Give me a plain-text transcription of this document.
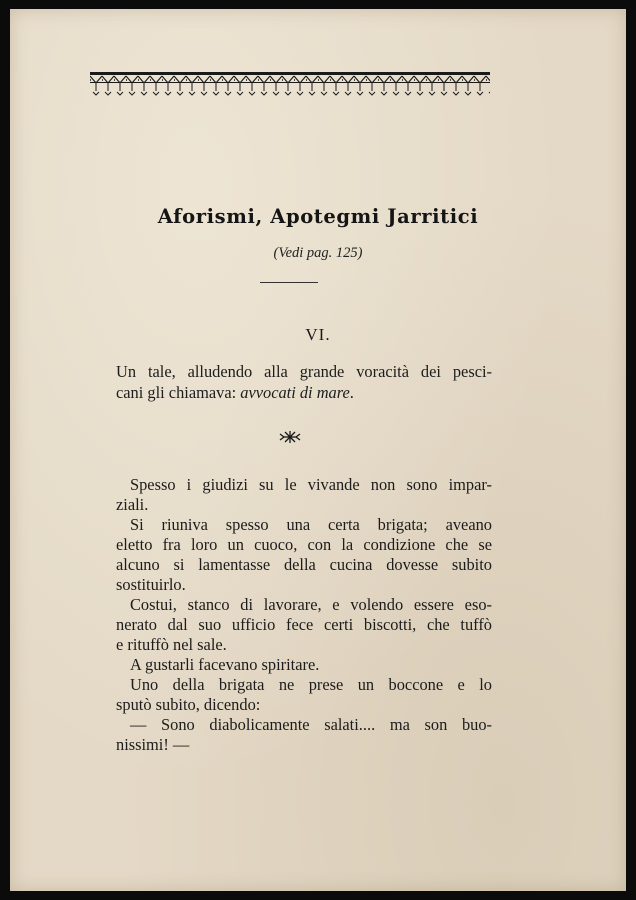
Aforismi, Apotegmi Jarritici
(Vedi pag. 125)
VI.
Un tale, alludendo alla grande voracità dei pesci-
cani gli chiamava: avvocati di mare.
Spesso i giudizi su le vivande non sono impar-
ziali.
Si riuniva spesso una certa brigata; aveano
eletto fra loro un cuoco, con la condizione che se
alcuno si lamentasse della cucina dovesse subito
sostituirlo.
Costui, stanco di lavorare, e volendo essere eso-
nerato dal suo ufficio fece certi biscotti, che tuffò
e rituffò nel sale.
A gustarli facevano spiritare.
Uno della brigata ne prese un boccone e lo
sputò subito, dicendo:
— Sono diabolicamente salati.... ma son buo-
nissimi! —
